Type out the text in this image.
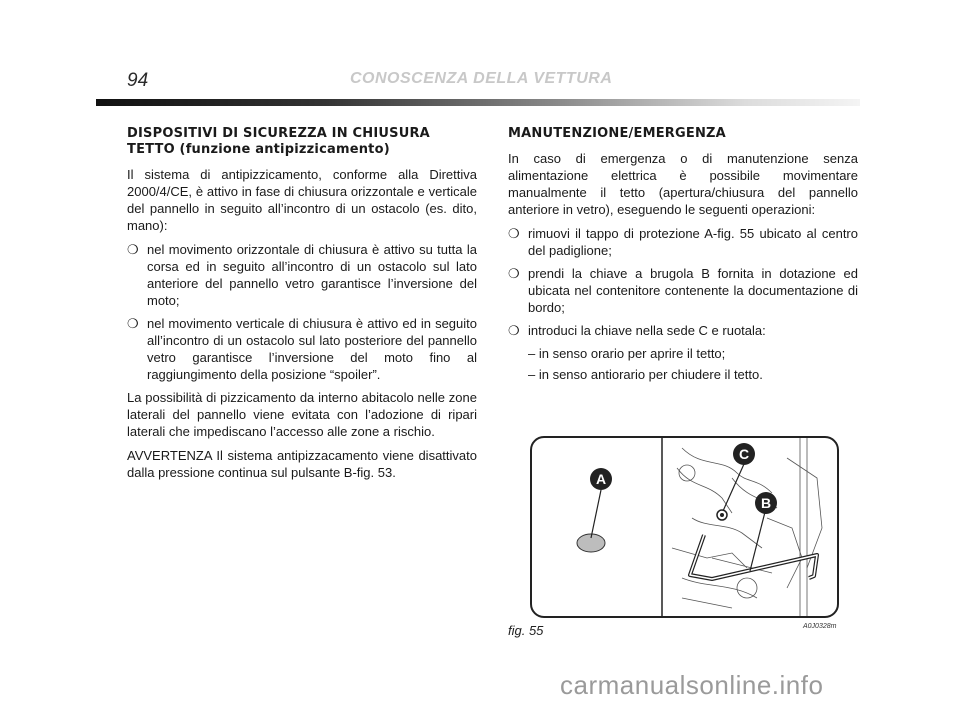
94	CONOSCENZA DELLA VETTURA
DISPOSITIVI DI SICUREZZA IN CHIUSURA
TETTO (funzione antipizzicamento)

Il sistema di antipizzicamento, conforme alla Direttiva 2000/4/CE, è attivo in fase di chiusura orizzontale e verticale del pannello in seguito all’incontro di un ostacolo (es. dito, mano):

❍ nel movimento orizzontale di chiusura è attivo su tutta la corsa ed in seguito all’incontro di un ostacolo sul lato anteriore del pannello vetro garantisce l’inversione del moto;
❍ nel movimento verticale di chiusura è attivo ed in seguito all’incontro di un ostacolo sul lato posteriore del pannello vetro garantisce l’inversione del moto fino al raggiungimento della posizione “spoiler”.

La possibilità di pizzicamento da interno abitacolo nelle zone laterali del pannello viene evitata con l’adozione di ripari laterali che impediscano l’accesso alle zone a rischio.

AVVERTENZA Il sistema antipizzacamento viene disattivato dalla pressione continua sul pulsante B-fig. 53.

MANUTENZIONE/EMERGENZA

In caso di emergenza o di manutenzione senza alimentazione elettrica è possibile movimentare manualmente il tetto (apertura/chiusura del pannello anteriore in vetro), eseguendo le seguenti operazioni:

❍ rimuovi il tappo di protezione A-fig. 55 ubicato al centro del padiglione;
❍ prendi la chiave a brugola B fornita in dotazione ed ubicata nel contenitore contenente la documentazione di bordo;
❍ introduci la chiave nella sede C e ruotala:
– in senso orario per aprire il tetto;
– in senso antiorario per chiudere il tetto.
A
C
B
fig. 55	A0J0328m
carmanualsonline.info
